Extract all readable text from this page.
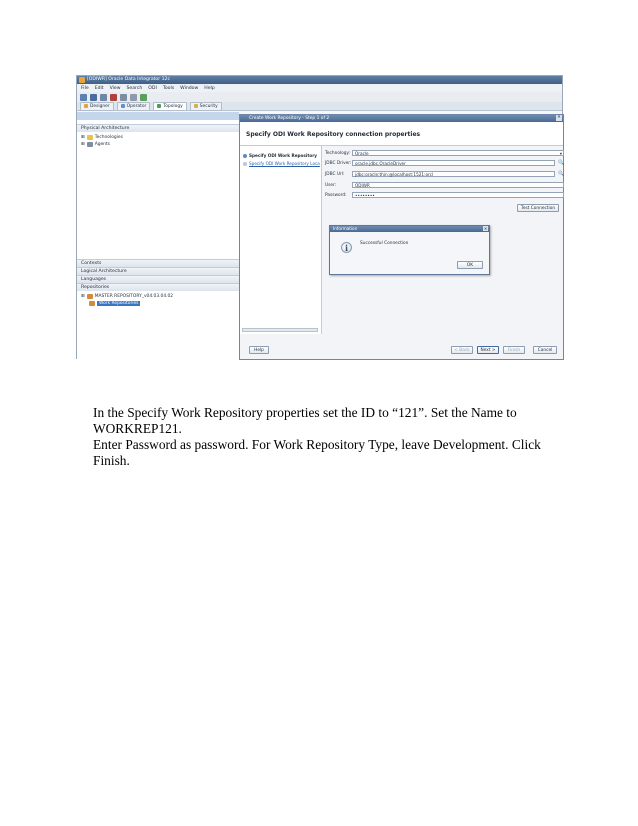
[ODIWR] Oracle Data Integrator 12c
File Edit View Search ODI Tools Window Help
Designer	Operator	Topology	Security
Physical Architecture
⊞ Technologies
⊞ Agents
Contexts
Logical Architecture
Languages
Repositories
⊞ MASTER REPOSITORY_v04.03.04.02
Work Repositories
Create Work Repository - Step 1 of 2	✕
Specify ODI Work Repository connection properties
Specify ODI Work Repository
Specify ODI Work Repository Loca
Technology:	Oracle	▾
JDBC Driver: oracle.jdbc.OracleDriver	🔍
JDBC Url:	jdbc:oracle:thin:@localhost:1521:orcl	🔍
User:	ODIWR
Password:	••••••••
Test Connection
Information	✕
i	Successful Connection
OK
Help	< Back	Next >	Finish	Cancel
In the Specify Work Repository properties set the ID to “121”. Set the Name to WORKREP121.
Enter Password as password. For Work Repository Type, leave Development. Click Finish.
